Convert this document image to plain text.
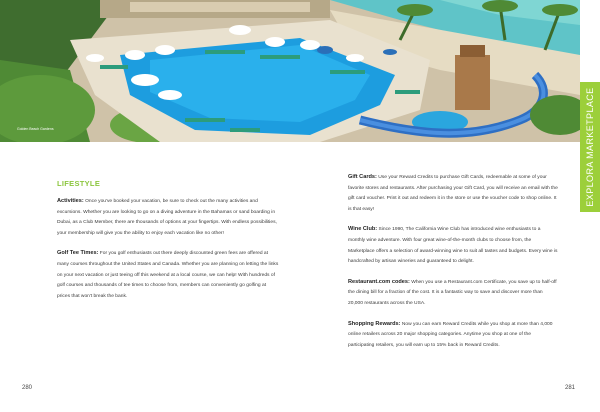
Golden Beach Gardens	EXPLORA MARKETPLACE
LIFESTYLE

Activities: Once you've booked your vacation, be sure to check out the many activities and excursions. Whether you are looking to go on a diving adventure in the Bahamas or sand boarding in Dubai, as a Club Member, there are thousands of options at your fingertips. With endless possibilities, your membership will give you the ability to enjoy each vacation like no other!

Golf Tee Times: For you golf enthusiasts out there deeply discounted green fees are offered at many courses throughout the United States and Canada. Whether you are planning on letting the links on your next vacation or just teeing off this weekend at a local course, we can help! With hundreds of golf courses and thousands of tee times to choose from, members can conveniently go golfing at prices that won't break the bank.

280

Gift Cards: Use your Reward Credits to purchase Gift Cards, redeemable at some of your favorite stores and restaurants. After purchasing your Gift Card, you will receive an email with the gift card voucher. Print it out and redeem it in the store or use the voucher code to shop online. It is that easy!

Wine Club: Since 1990, The California Wine Club has introduced wine enthusiasts to a monthly wine adventure. With four great wine-of-the-month clubs to choose from, the Marketplace offers a selection of award-winning wine to suit all tastes and budgets. Every wine is handcrafted by artisan wineries and guaranteed to delight.

Restaurant.com codes: When you use a Restaurant.com Certificate, you save up to half-off the dining bill for a fraction of the cost. It is a fantastic way to save and discover more than 20,000 restaurants across the USA.

Shopping Rewards: Now you can earn Reward Credits while you shop at more than 4,000 online retailers across 20 major shopping categories. Anytime you shop at one of the participating retailers, you will earn up to 15% back in Reward Credits.

281
